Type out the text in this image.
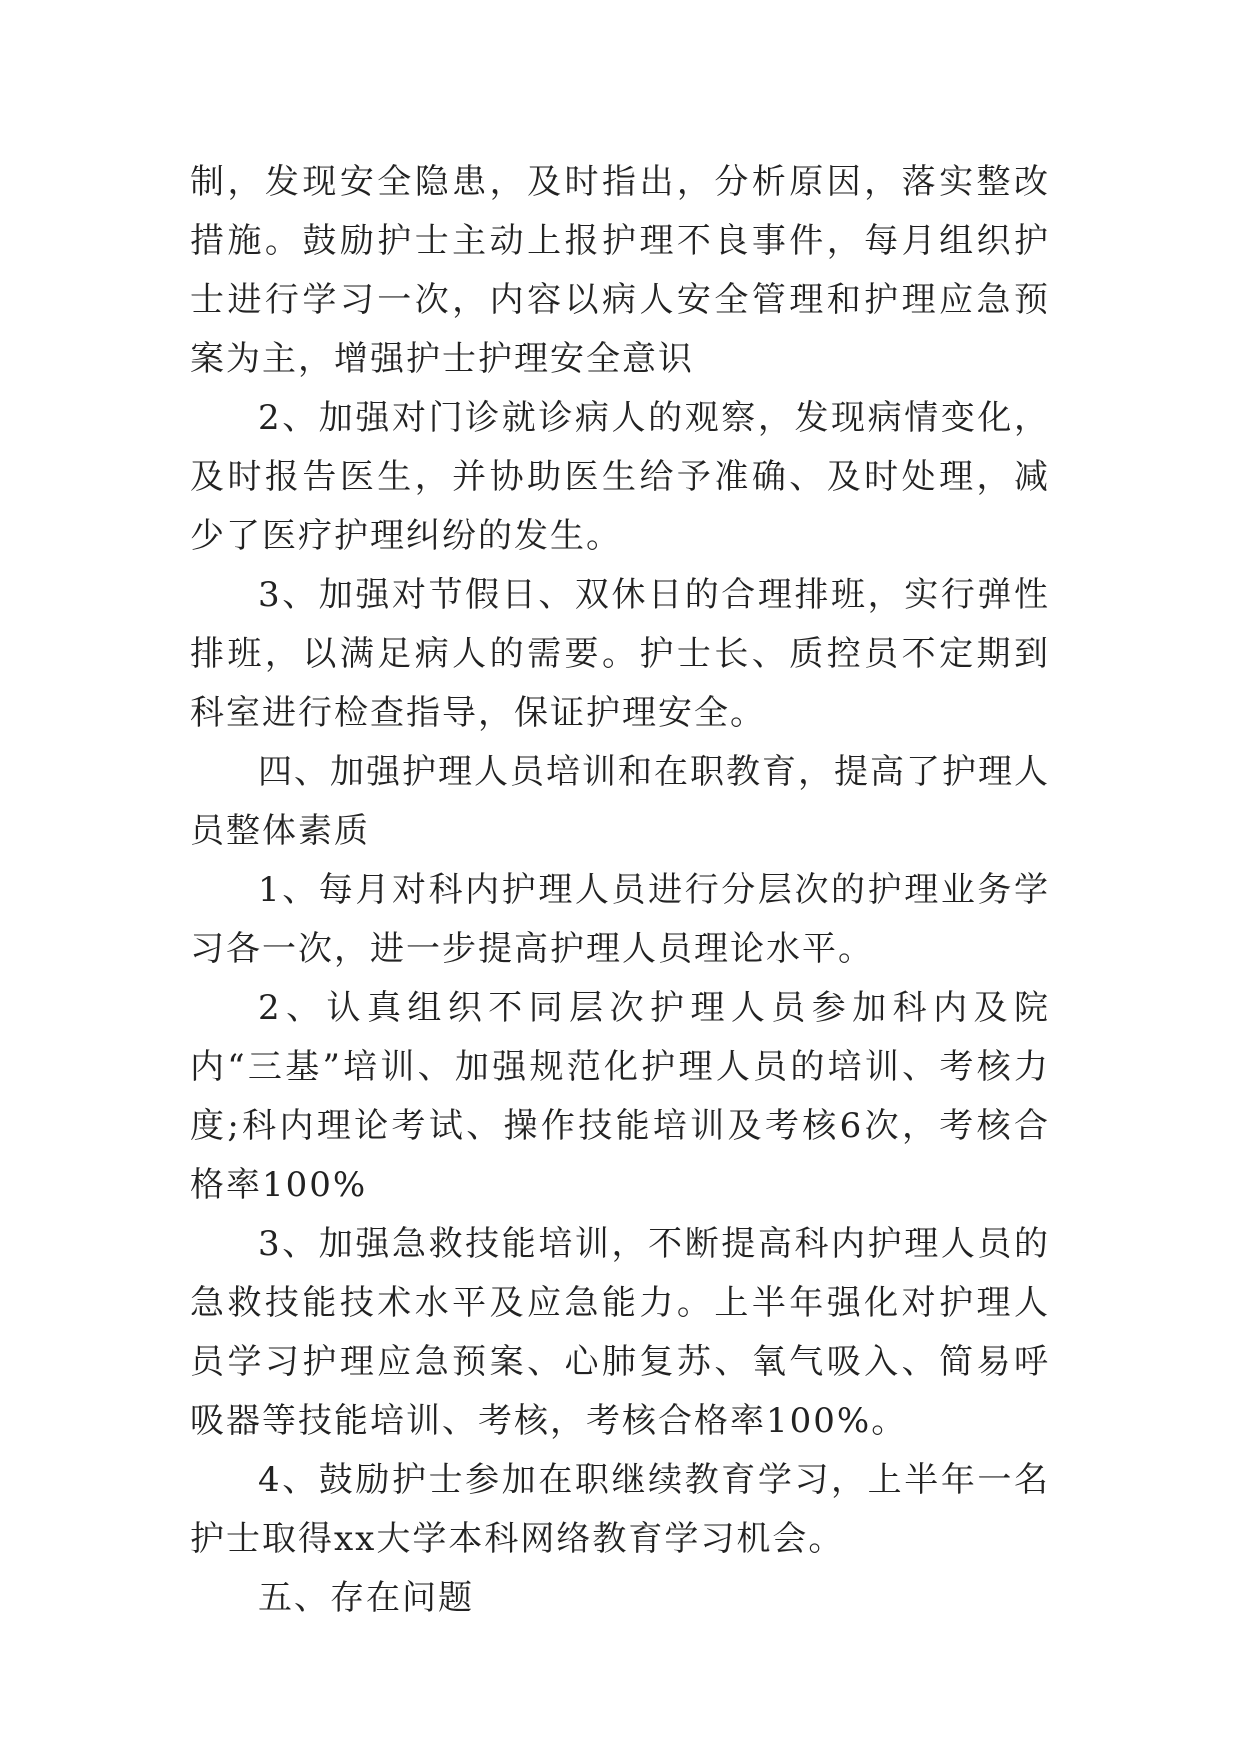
制，发现安全隐患，及时指出，分析原因，落实整改措施。鼓励护士主动上报护理不良事件，每月组织护士进行学习一次，内容以病人安全管理和护理应急预案为主，增强护士护理安全意识

2、加强对门诊就诊病人的观察，发现病情变化，及时报告医生，并协助医生给予准确、及时处理，减少了医疗护理纠纷的发生。

3、加强对节假日、双休日的合理排班，实行弹性排班，以满足病人的需要。护士长、质控员不定期到科室进行检查指导，保证护理安全。

四、加强护理人员培训和在职教育，提高了护理人员整体素质

1、每月对科内护理人员进行分层次的护理业务学习各一次，进一步提高护理人员理论水平。

2、认真组织不同层次护理人员参加科内及院内“三基”培训、加强规范化护理人员的培训、考核力度;科内理论考试、操作技能培训及考核6次，考核合格率100%

3、加强急救技能培训，不断提高科内护理人员的急救技能技术水平及应急能力。上半年强化对护理人员学习护理应急预案、心肺复苏、氧气吸入、简易呼吸器等技能培训、考核，考核合格率100%。

4、鼓励护士参加在职继续教育学习，上半年一名护士取得xx大学本科网络教育学习机会。

五、存在问题
